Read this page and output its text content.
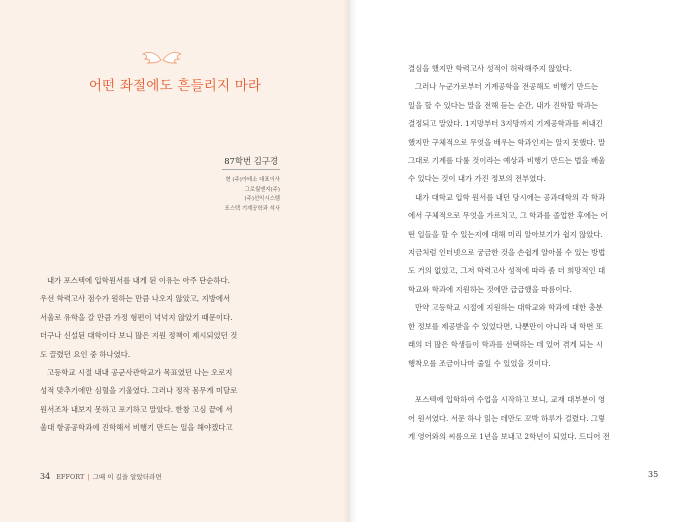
어떤 좌절에도 흔들리지 마라
87학번 김구경
현 (주)아테소 대표이사
그로월앤지(주)
(주)선익시스템
포스텍 기계공학과 석사
내가 포스텍에 입학원서를 내게 된 이유는 아주 단순하다.
우선 학력고사 점수가 원하는 만큼 나오지 않았고, 지방에서
서울로 유학을 갈 만큼 가정 형편이 넉넉지 않았기 때문이다.
더구나 신설된 대학이다 보니 많은 지원 정책이 제시되었던 것
도 끌렸던 요인 중 하나였다.
고등학교 시절 내내 공군사관학교가 목표였던 나는 오로지
성적 맞추기에만 심혈을 기울였다. 그러나 정작 몸무게 미달로
원서조차 내보지 못하고 포기하고 말았다. 한참 고심 끝에 서
울대 항공공학과에 진학해서 비행기 만드는 일을 해야겠다고
34 EFFORT | 그때 이 길을 알았더라면
결심을 했지만 학력고사 성적이 허락해주지 않았다.
그러나 누군가로부터 기계공학을 전공해도 비행기 만드는
일을 할 수 있다는 말을 전해 듣는 순간, 내가 진학할 학과는
결정되고 말았다. 1지망부터 3지망까지 기계공학과를 써내긴
했지만 구체적으로 무엇을 배우는 학과인지는 알지 못했다. 말
그대로 기계를 다룰 것이라는 예상과 비행기 만드는 법을 배울
수 있다는 것이 내가 가진 정보의 전부였다.
내가 대학교 입학 원서를 내던 당시에는 공과대학의 각 학과
에서 구체적으로 무엇을 가르치고, 그 학과를 졸업한 후에는 어
떤 일들을 할 수 있는지에 대해 미리 알아보기가 쉽지 않았다.
지금처럼 인터넷으로 궁금한 것을 손쉽게 알아볼 수 있는 방법
도 거의 없었고, 그저 학력고사 성적에 따라 좀 더 희망적인 대
학교와 학과에 지원하는 것에만 급급했을 따름이다.
만약 고등학교 시절에 지원하는 대학교와 학과에 대한 충분
한 정보를 제공받을 수 있었다면, 나뿐만이 아니라 내 학번 또
래의 더 많은 학생들이 학과를 선택하는 데 있어 겪게 되는 시
행착오를 조금이나마 줄일 수 있었을 것이다.
포스텍에 입학하여 수업을 시작하고 보니, 교재 대부분이 영
어 원서였다. 서문 하나 읽는 데만도 꼬박 하루가 걸렸다. 그렇
게 영어와의 씨름으로 1년을 보내고 2학년이 되었다. 드디어 전
35
